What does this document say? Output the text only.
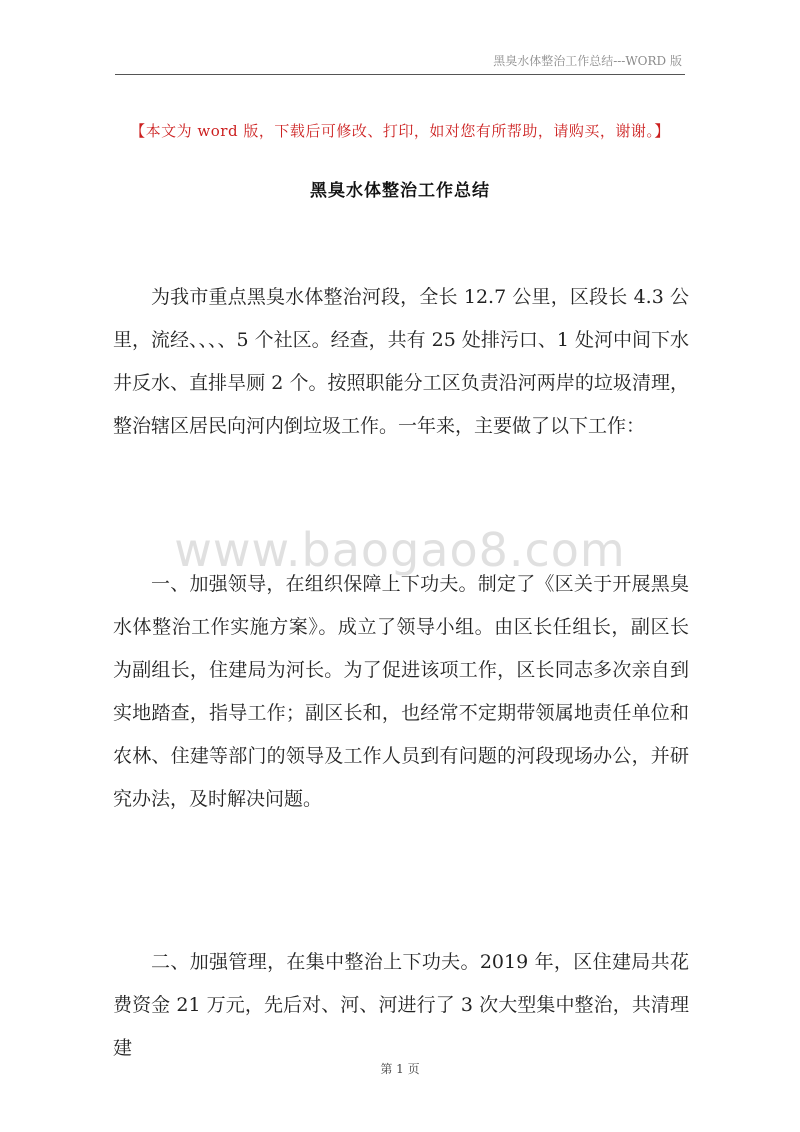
黑臭水体整治工作总结---WORD 版
【本文为 word 版，下载后可修改、打印，如对您有所帮助，请购买，谢谢。】
黑臭水体整治工作总结

为我市重点黑臭水体整治河段，全长 12.7 公里，区段长 4.3 公里，流经、、、、5 个社区。经查，共有 25 处排污口、1 处河中间下水井反水、直排旱厕 2 个。按照职能分工区负责沿河两岸的垃圾清理，整治辖区居民向河内倒垃圾工作。一年来，主要做了以下工作：

www.baogao8.com

一、加强领导，在组织保障上下功夫。制定了《区关于开展黑臭水体整治工作实施方案》。成立了领导小组。由区长任组长，副区长为副组长，住建局为河长。为了促进该项工作，区长同志多次亲自到实地踏查，指导工作；副区长和，也经常不定期带领属地责任单位和农林、住建等部门的领导及工作人员到有问题的河段现场办公，并研究办法，及时解决问题。

二、加强管理，在集中整治上下功夫。2019 年，区住建局共花费资金 21 万元，先后对、河、河进行了 3 次大型集中整治，共清理建

第 1 页
